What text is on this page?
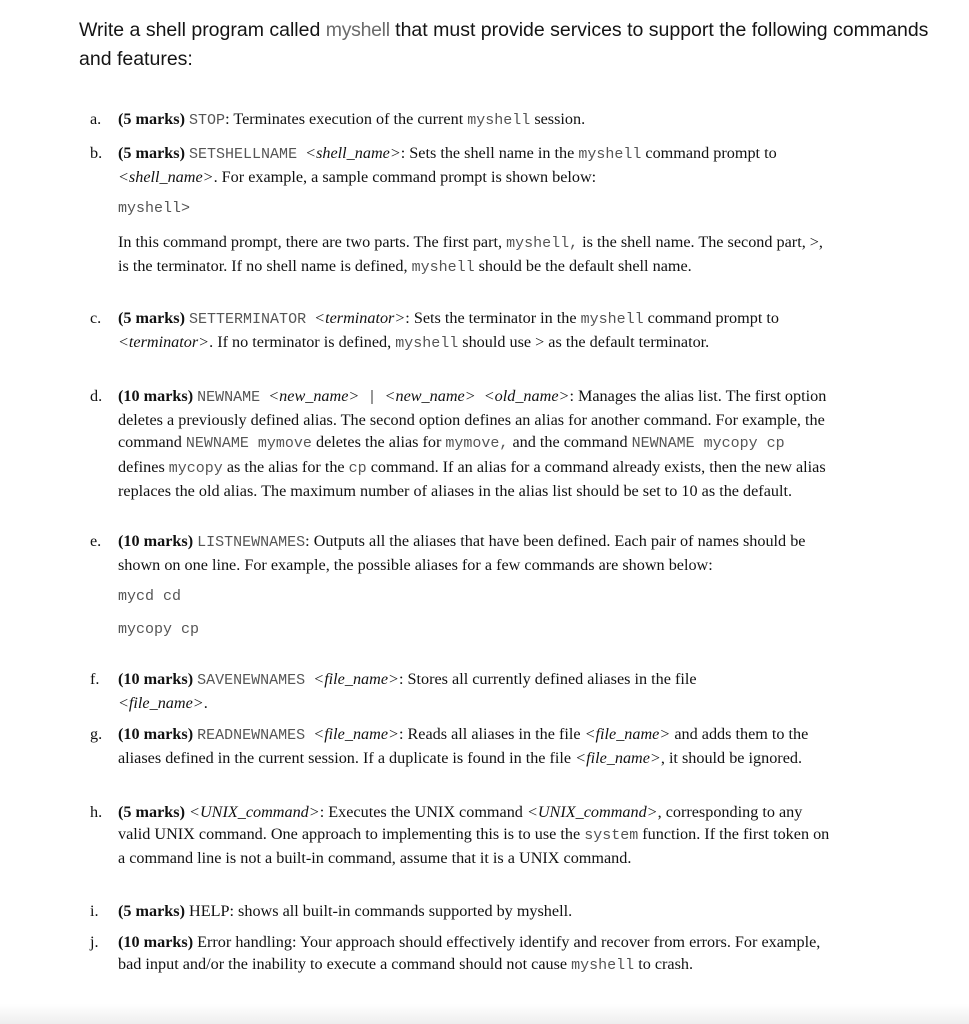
Write a shell program called myshell that must provide services to support the following commands and features:
a.	(5 marks) STOP: Terminates execution of the current myshell session.

b. (5 marks) SETSHELLNAME <shell_name>: Sets the shell name in the myshell command prompt to <shell_name>. For example, a sample command prompt is shown below:

myshell>

In this command prompt, there are two parts. The first part, myshell, is the shell name. The second part, >, is the terminator. If no shell name is defined, myshell should be the default shell name.

c.	(5 marks) SETTERMINATOR <terminator>: Sets the terminator in the myshell command prompt to <terminator>. If no terminator is defined, myshell should use > as the default terminator.

d. (10 marks) NEWNAME <new_name> | <new_name> <old_name>: Manages the alias list. The first option deletes a previously defined alias. The second option defines an alias for another command. For example, the command NEWNAME mymove deletes the alias for mymove, and the command NEWNAME mycopy cp defines mycopy as the alias for the cp command. If an alias for a command already exists, then the new alias replaces the old alias. The maximum number of aliases in the alias list should be set to 10 as the default.

e.	(10 marks) LISTNEWNAMES: Outputs all the aliases that have been defined. Each pair of names should be shown on one line. For example, the possible aliases for a few commands are shown below:

mycd cd

mycopy cp

f.	(10 marks) SAVENEWNAMES <file_name>: Stores all currently defined aliases in the file
<file_name>.

g. (10 marks) READNEWNAMES <file_name>: Reads all aliases in the file <file_name> and adds them to the aliases defined in the current session. If a duplicate is found in the file <file_name>, it should be ignored.

h. (5 marks) <UNIX_command>: Executes the UNIX command <UNIX_command>, corresponding to any valid UNIX command. One approach to implementing this is to use the system function. If the first token on a command line is not a built-in command, assume that it is a UNIX command.

i.	(5 marks) HELP: shows all built-in commands supported by myshell.

j.	(10 marks) Error handling: Your approach should effectively identify and recover from errors. For example, bad input and/or the inability to execute a command should not cause myshell to crash.
